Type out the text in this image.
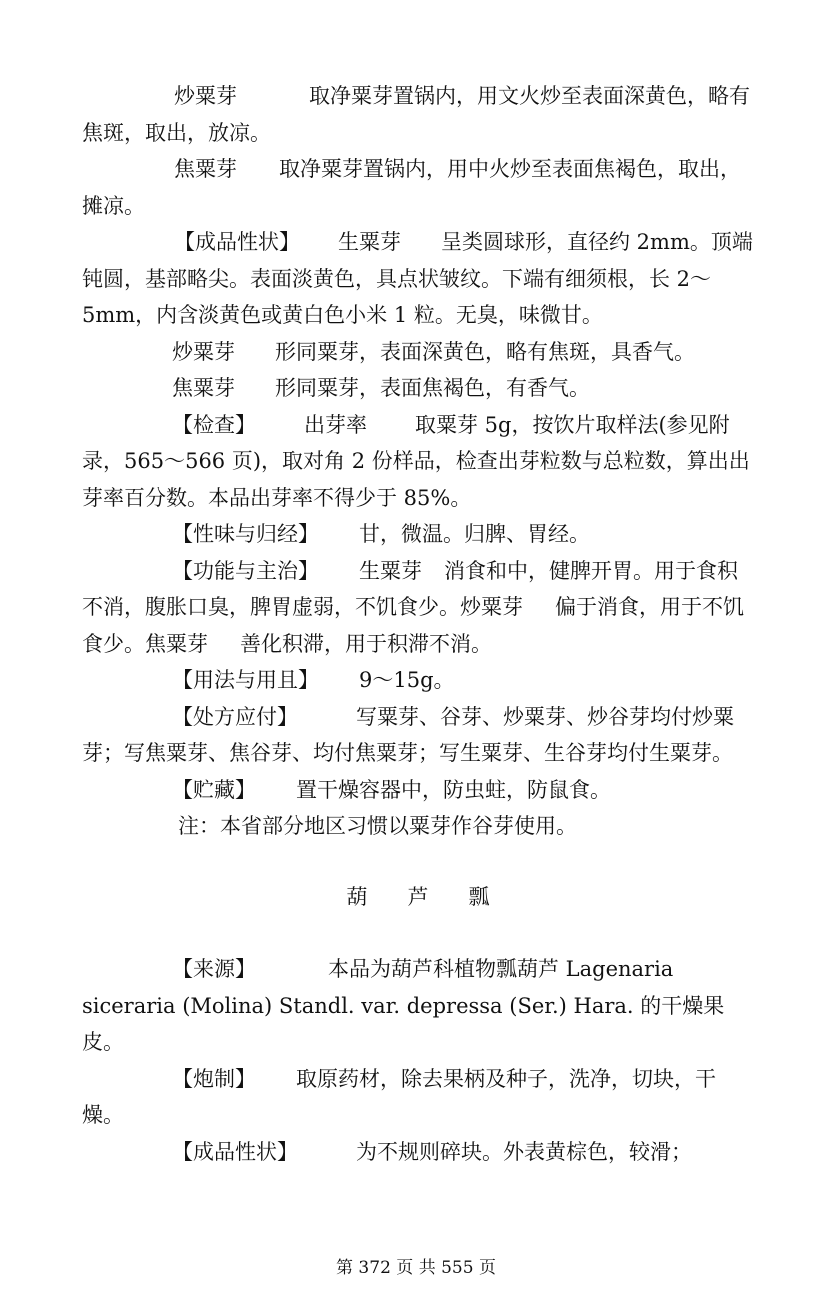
炒粟芽	取净粟芽置锅内，用文火炒至表面深黄色，略有焦斑，取出，放凉。

焦粟芽 取净粟芽置锅内，用中火炒至表面焦褐色，取出，摊凉。

【成品性状】 生粟芽 呈类圆球形，直径约 2mm。顶端钝圆，基部略尖。表面淡黄色，具点状皱纹。下端有细须根，长 2～5mm，内含淡黄色或黄白色小米 1 粒。无臭，味微甘。

炒粟芽 形同粟芽，表面深黄色，略有焦斑，具香气。

焦粟芽 形同粟芽，表面焦褐色，有香气。

【检查】 出芽率 取粟芽 5g，按饮片取样法(参见附录，565～566 页)，取对角 2 份样品，检查出芽粒数与总粒数，算出出芽率百分数。本品出芽率不得少于 85%。

【性味与归经】 甘，微温。归脾、胃经。

【功能与主治】 生粟芽 消食和中，健脾开胃。用于食积不消，腹胀口臭，脾胃虚弱，不饥食少。炒粟芽 偏于消食，用于不饥食少。焦粟芽 善化积滞，用于积滞不消。

【用法与用且】 9～15g。

【处方应付】	写粟芽、谷芽、炒粟芽、炒谷芽均付炒粟芽；写焦粟芽、焦谷芽、均付焦粟芽；写生粟芽、生谷芽均付生粟芽。

【贮藏】 置干燥容器中，防虫蛀，防鼠食。

注：本省部分地区习惯以粟芽作谷芽使用。

葫 芦 瓢

【来源】	本品为葫芦科植物瓢葫芦 Lagenaria siceraria (Molina) Standl. var. depressa (Ser.) Hara. 的干燥果皮。

【炮制】 取原药材，除去果柄及种子，洗净，切块，干燥。

【成品性状】	为不规则碎块。外表黄棕色，较滑；

第 372 页 共 555 页
